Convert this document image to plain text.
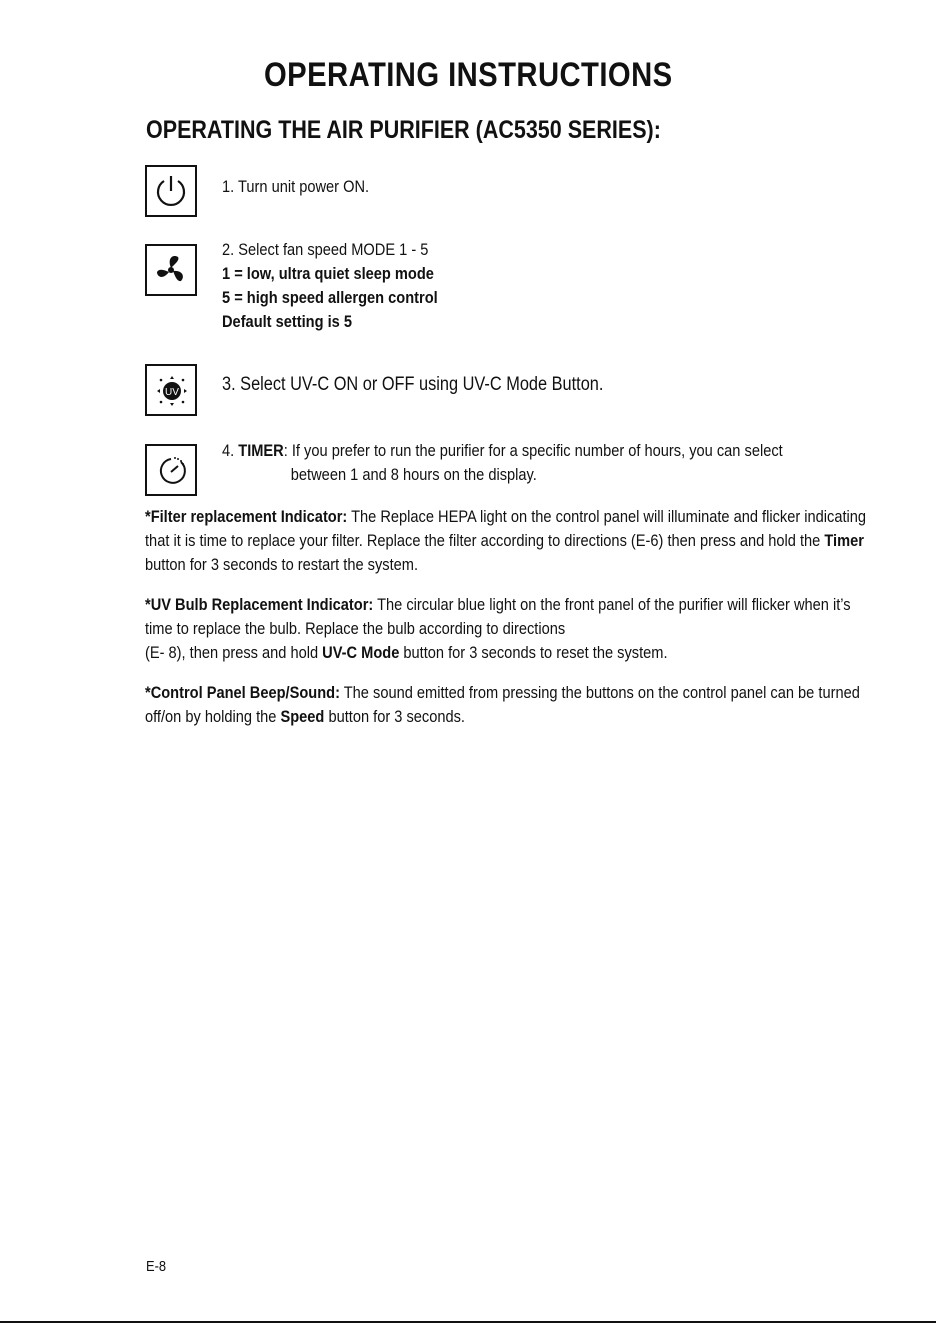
OPERATING INSTRUCTIONS
OPERATING THE AIR PURIFIER (AC5350 SERIES):
1. Turn unit power ON.
2. Select fan speed MODE 1 - 5
1 = low, ultra quiet sleep mode
5 = high speed allergen control
Default setting is 5
UV 3. Select UV-C ON or OFF using UV-C Mode Button.
4. TIMER: If you prefer to run the purifier for a specific number of hours, you can select
between 1 and 8 hours on the display.

*Filter replacement Indicator: The Replace HEPA light on the control panel will illuminate and flicker indicating that it is time to replace your filter. Replace the filter according to directions (E-6) then press and hold the Timer button for 3 seconds to restart the system.

*UV Bulb Replacement Indicator: The circular blue light on the front panel of the purifier will flicker when it’s time to replace the bulb. Replace the bulb according to directions
(E- 8), then press and hold UV-C Mode button for 3 seconds to reset the system.

*Control Panel Beep/Sound: The sound emitted from pressing the buttons on the control panel can be turned off/on by holding the Speed button for 3 seconds.

E-8
